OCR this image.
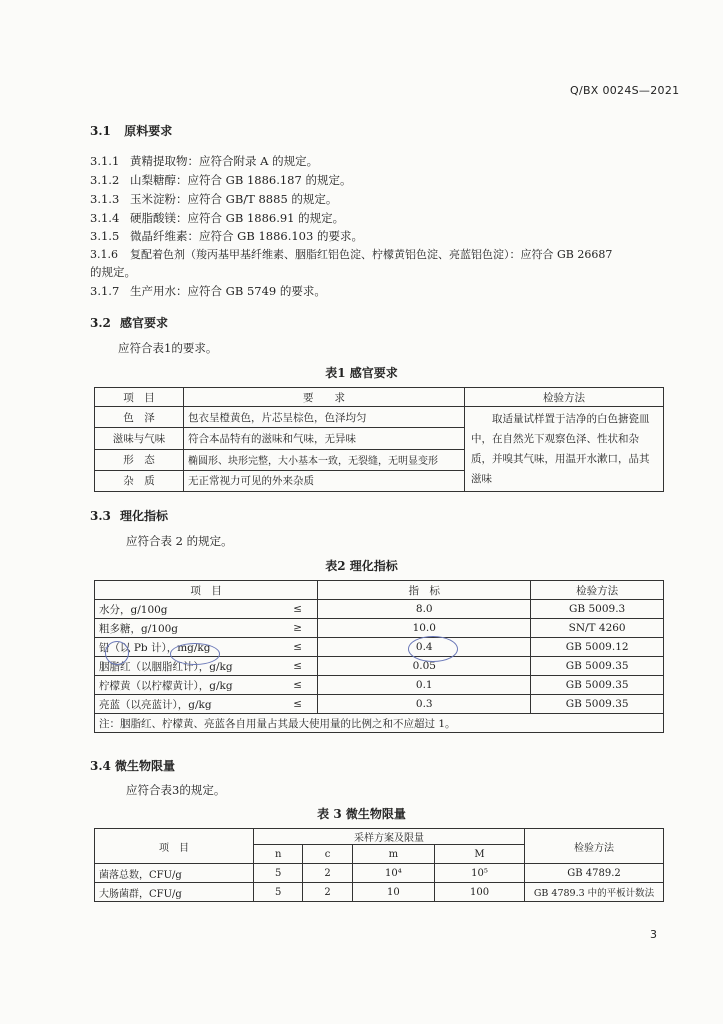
Q/BX 0024S—2021
3.1 原料要求
3.1.1 黄精提取物：应符合附录 A 的规定。
3.1.2 山梨糖醇：应符合 GB 1886.187 的规定。
3.1.3 玉米淀粉：应符合 GB/T 8885 的规定。
3.1.4 硬脂酸镁：应符合 GB 1886.91 的规定。
3.1.5 微晶纤维素：应符合 GB 1886.103 的要求。
3.1.6 复配着色剂（羧丙基甲基纤维素、胭脂红铝色淀、柠檬黄铝色淀、亮蓝铝色淀）：应符合 GB 26687
的规定。
3.1.7 生产用水：应符合 GB 5749 的要求。
3.2 感官要求
应符合表1的要求。
表1 感官要求
项　目	要　　求	检验方法
色　泽	包衣呈橙黄色，片芯呈棕色，色泽均匀	取适量试样置于洁净的白色搪瓷皿中，在自然光下观察色泽、性状和杂质，并嗅其气味，用温开水漱口，品其滋味
滋味与气味	符合本品特有的滋味和气味，无异味	
形　态	椭圆形、块形完整，大小基本一致，无裂缝，无明显变形	
杂　质	无正常视力可见的外来杂质	
3.3 理化指标
应符合表 2 的规定。
表2 理化指标
项　目		指　标	检验方法
水分，g/100g	≤	8.0	GB 5009.3
粗多糖，g/100g	≥	10.0	SN/T 4260
铅（以 Pb 计），mg/kg	≤	0.4	GB 5009.12
胭脂红（以胭脂红计），g/kg	≤	0.05	GB 5009.35
柠檬黄（以柠檬黄计），g/kg	≤	0.1	GB 5009.35
亮蓝（以亮蓝计），g/kg	≤	0.3	GB 5009.35
注：胭脂红、柠檬黄、亮蓝各自用量占其最大使用量的比例之和不应超过 1。			
3.4 微生物限量
应符合表3的规定。
表 3 微生物限量
项　目	采样方案及限量				检验方法
	n	c	m	M	
菌落总数，CFU/g	5	2	10⁴	10⁵	GB 4789.2
大肠菌群，CFU/g	5	2	10	100	GB 4789.3 中的平板计数法
3
